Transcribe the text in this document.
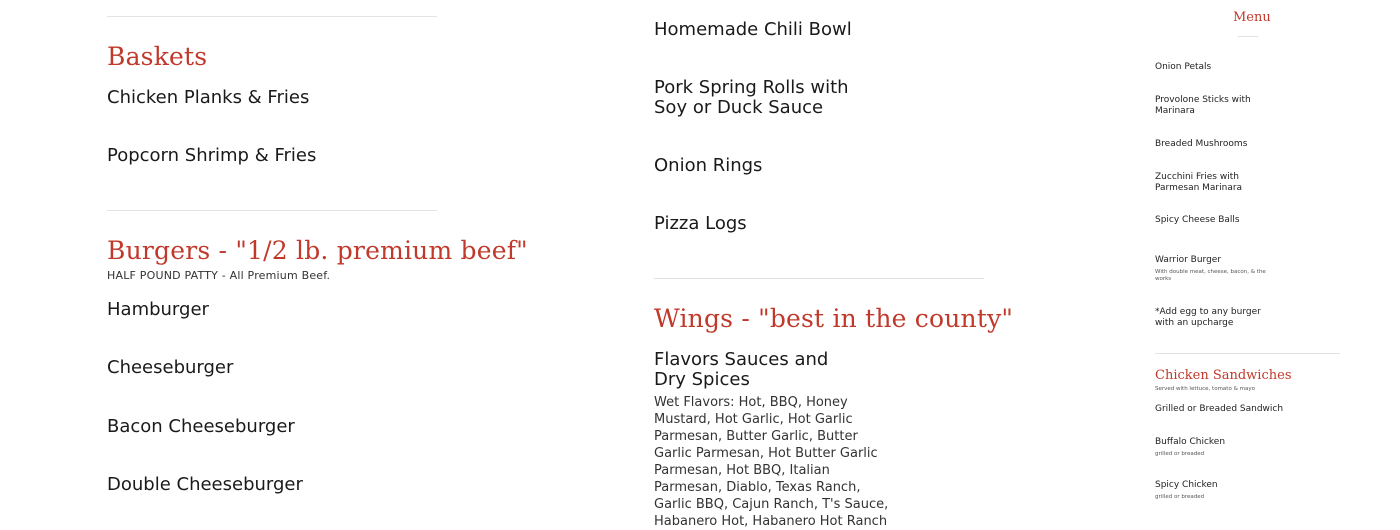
Baskets
Chicken Planks & Fries
Popcorn Shrimp & Fries
Burgers - "1/2 lb. premium beef"
HALF POUND PATTY - All Premium Beef.
Hamburger
Cheeseburger
Bacon Cheeseburger
Double Cheeseburger
Homemade Chili Bowl
Pork Spring Rolls with Soy or Duck Sauce
Onion Rings
Pizza Logs
Wings - "best in the county"
Flavors Sauces and Dry Spices
Wet Flavors: Hot, BBQ, Honey Mustard, Hot Garlic, Hot Garlic Parmesan, Butter Garlic, Butter Garlic Parmesan, Hot Butter Garlic Parmesan, Hot BBQ, Italian Parmesan, Diablo, Texas Ranch, Garlic BBQ, Cajun Ranch, T's Sauce, Habanero Hot, Habanero Hot Ranch
Menu
Onion Petals
Provolone Sticks with Marinara
Breaded Mushrooms
Zucchini Fries with Parmesan Marinara
Spicy Cheese Balls
Warrior Burger
With double meat, cheese, bacon, & the works
*Add egg to any burger with an upcharge
Chicken Sandwiches
Served with lettuce, tomato & mayo
Grilled or Breaded Sandwich
Buffalo Chicken
grilled or breaded
Spicy Chicken
grilled or breaded
